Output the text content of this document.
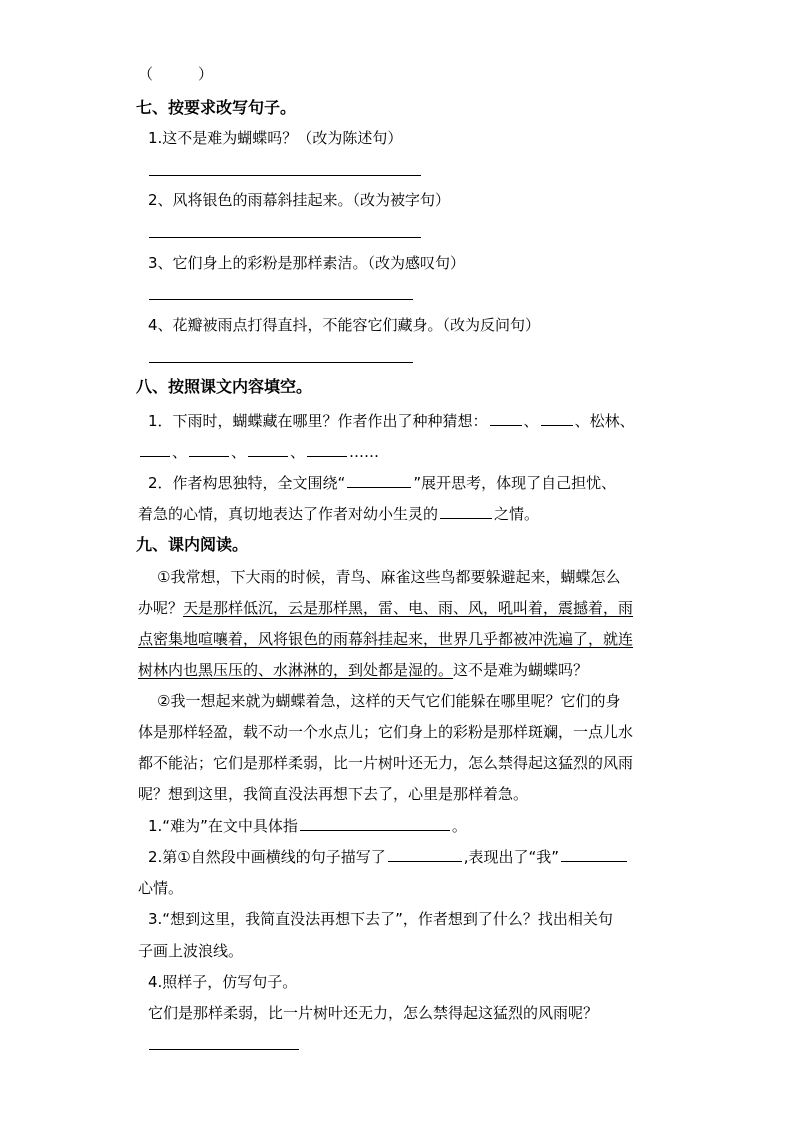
（　　　）
七、按要求改写句子。
1.这不是难为蝴蝶吗？（改为陈述句）
2、风将银色的雨幕斜挂起来。（改为被字句）
3、它们身上的彩粉是那样素洁。（改为感叹句）
4、花瓣被雨点打得直抖，不能容它们藏身。（改为反问句）
八、按照课文内容填空。
1．下雨时，蝴蝶藏在哪里？作者作出了种种猜想： 、 、松林、
、	、	、	……
2．作者构思独特，全文围绕“	”展开思考，体现了自己担忧、
着急的心情，真切地表达了作者对幼小生灵的	之情。
九、课内阅读。
①我常想，下大雨的时候，青鸟、麻雀这些鸟都要躲避起来，蝴蝶怎么
办呢？天是那样低沉，云是那样黑，雷、电、雨、风，吼叫着，震撼着，雨
点密集地喧嚷着，风将银色的雨幕斜挂起来，世界几乎都被冲洗遍了，就连
树林内也黑压压的、水淋淋的，到处都是湿的。这不是难为蝴蝶吗？
②我一想起来就为蝴蝶着急，这样的天气它们能躲在哪里呢？它们的身
体是那样轻盈，载不动一个水点儿；它们身上的彩粉是那样斑斓，一点儿水
都不能沾；它们是那样柔弱，比一片树叶还无力，怎么禁得起这猛烈的风雨
呢？想到这里，我简直没法再想下去了，心里是那样着急。
1.“难为”在文中具体指	。
2.第①自然段中画横线的句子描写了	,表现出了“我”
心情。
3.“想到这里，我简直没法再想下去了”，作者想到了什么？找出相关句
子画上波浪线。
4.照样子，仿写句子。
它们是那样柔弱，比一片树叶还无力，怎么禁得起这猛烈的风雨呢？
